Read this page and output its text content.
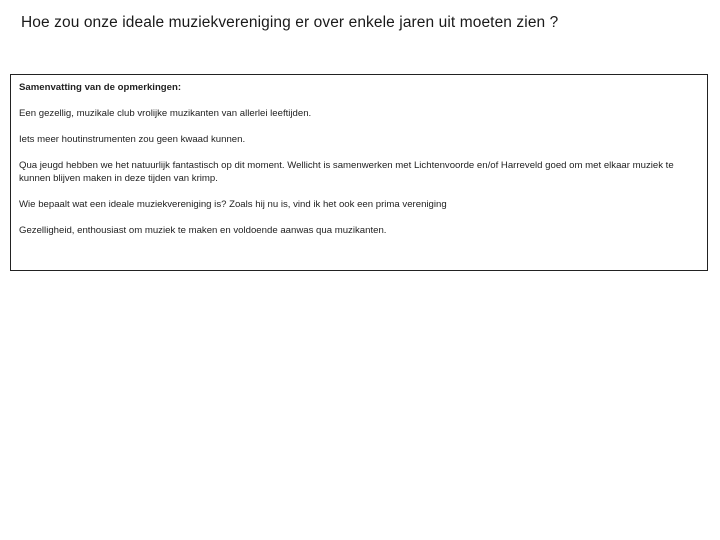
Hoe zou onze ideale muziekvereniging er over enkele jaren uit moeten zien ?

Samenvatting van de opmerkingen:

Een gezellig, muzikale club vrolijke muzikanten van allerlei leeftijden.

Iets meer houtinstrumenten zou geen kwaad kunnen.

Qua jeugd hebben we het natuurlijk fantastisch op dit moment. Wellicht is samenwerken met Lichtenvoorde en/of Harreveld goed om met elkaar muziek te kunnen blijven maken in deze tijden van krimp.

Wie bepaalt wat een ideale muziekvereniging is? Zoals hij nu is, vind ik het ook een prima vereniging

Gezelligheid, enthousiast om muziek te maken en voldoende aanwas qua muzikanten.
